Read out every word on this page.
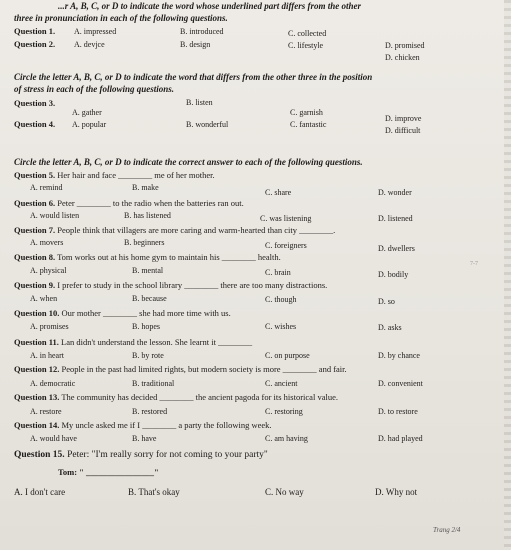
...r A, B, C, or D to indicate the word whose underlined part differs from the other
three in pronunciation in each of the following questions.
Question 1. A. impressed	B. introduced	C. collected
D. promised
Question 2. A. devjce	B. design	C. lifestyle
D. chicken
Circle the letter A, B, C, or D to indicate the word that differs from the other three in the position
of stress in each of the following questions.
Question 3.
A. gather
B. listen
C. garnish
D. improve
Question 4. A. popular	B. wonderful	C. fantastic
D. difficult
Circle the letter A, B, C, or D to indicate the correct answer to each of the following questions.
Question 5. Her hair and face ________ me of her mother.
A. remind	B. make
C. share	D. wonder
Question 6. Peter ________ to the radio when the batteries ran out.
A. would listen	B. has listened	C. was listening	D. listened
Question 7. People think that villagers are more caring and warm-hearted than city ________.
A. movers	B. beginners	C. foreigners	D. dwellers
Question 8. Tom works out at his home gym to maintain his ________ health.
A. physical	B. mental	C. brain	D. bodily
7-7
Question 9. I prefer to study in the school library ________ there are too many distractions.
A. when	B. because	C. though	D. so
Question 10. Our mother ________ she had more time with us.
A. promises	B. hopes	C. wishes	D. asks
Question 11. Lan didn't understand the lesson. She learnt it ________
A. in heart	B. by rote	C. on purpose	D. by chance
Question 12. People in the past had limited rights, but modern society is more ________ and fair.
A. democratic	B. traditional	C. ancient	D. convenient
Question 13. The community has decided ________ the ancient pagoda for its historical value.
A. restore	B. restored	C. restoring	D. to restore
Question 14. My uncle asked me if I ________ a party the following week.
A. would have	B. have	C. am having	D. had played
Question 15. Peter: "I'm really sorry for not coming to your party"
Tom: " ________________"
A. I don't care	B. That's okay	C. No way	D. Why not
Trang 2/4
